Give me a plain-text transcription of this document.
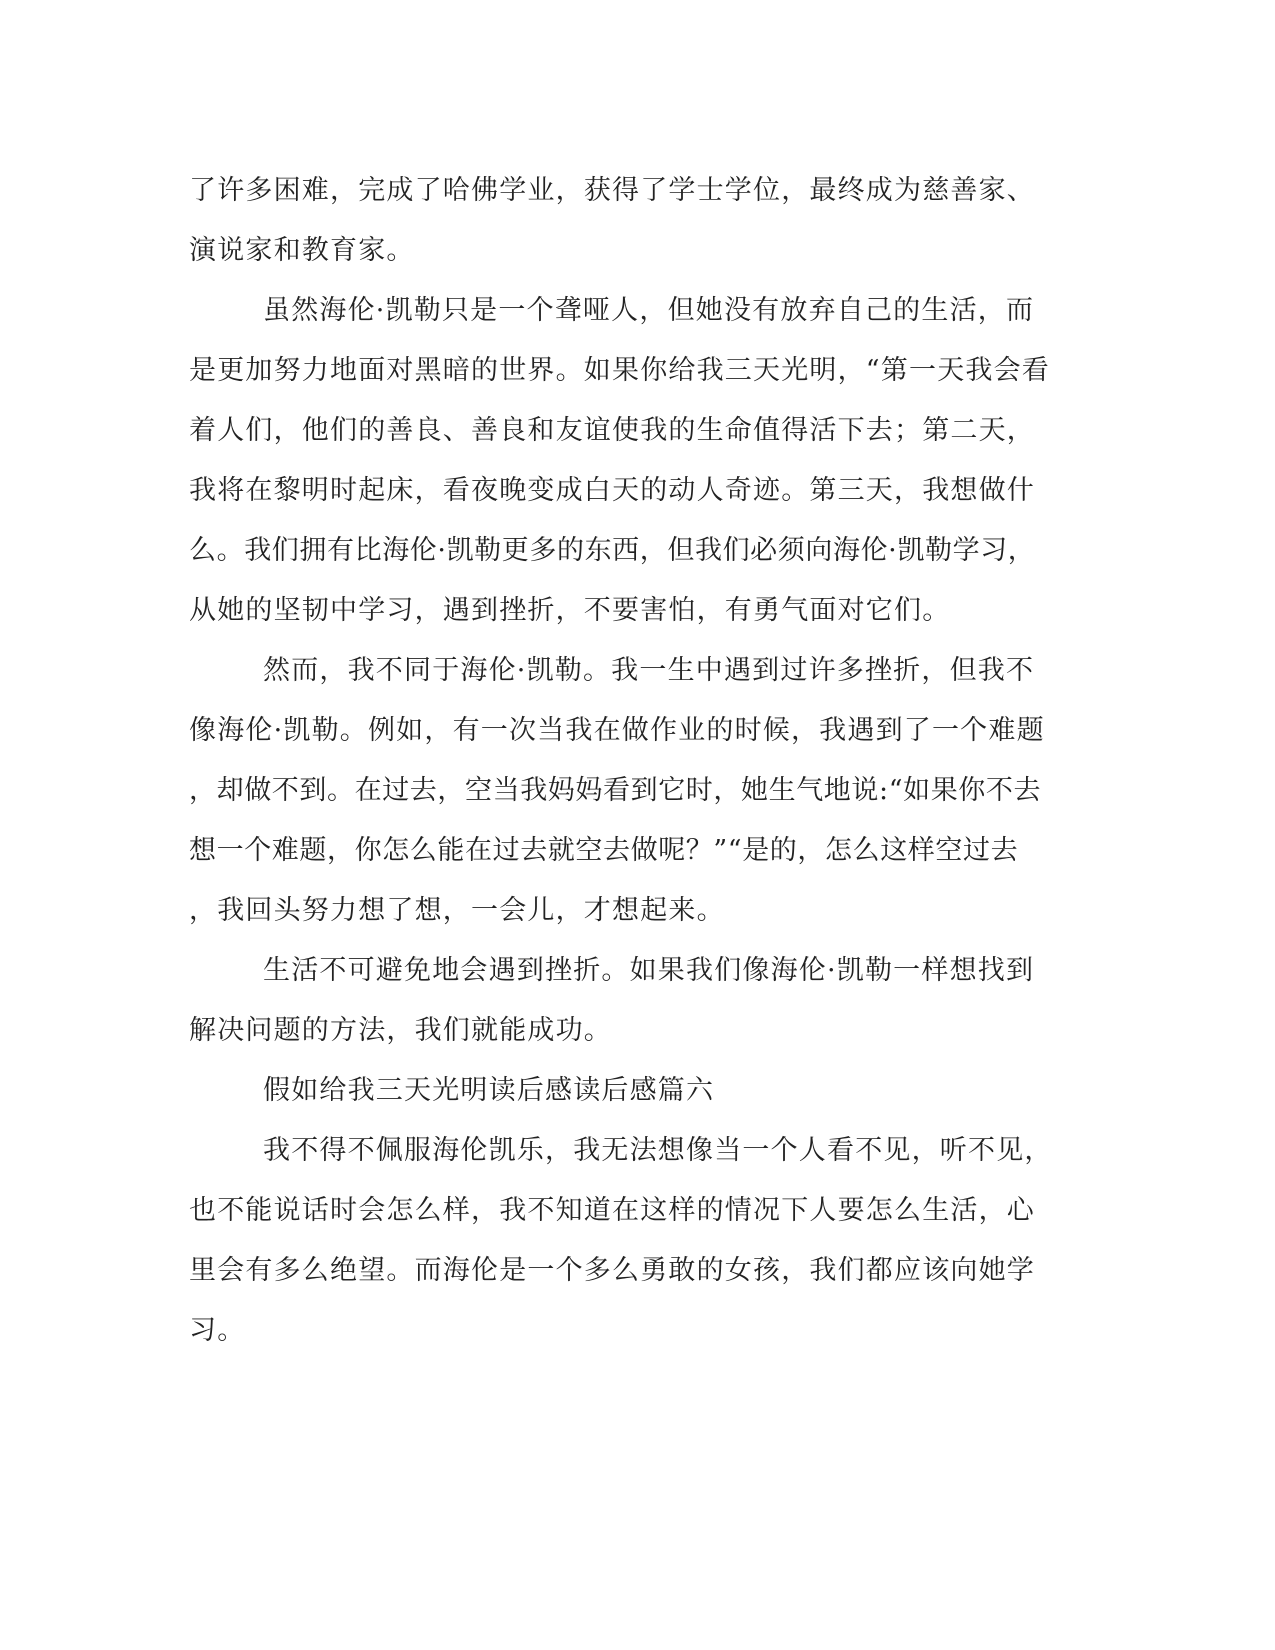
了许多困难，完成了哈佛学业，获得了学士学位，最终成为慈善家、
演说家和教育家。
虽然海伦·凯勒只是一个聋哑人，但她没有放弃自己的生活，而
是更加努力地面对黑暗的世界。如果你给我三天光明，“第一天我会看
着人们，他们的善良、善良和友谊使我的生命值得活下去；第二天，
我将在黎明时起床，看夜晚变成白天的动人奇迹。第三天，我想做什
么。我们拥有比海伦·凯勒更多的东西，但我们必须向海伦·凯勒学习，
从她的坚韧中学习，遇到挫折，不要害怕，有勇气面对它们。
然而，我不同于海伦·凯勒。我一生中遇到过许多挫折，但我不
像海伦·凯勒。例如，有一次当我在做作业的时候，我遇到了一个难题
，却做不到。在过去，空当我妈妈看到它时，她生气地说:“如果你不去
想一个难题，你怎么能在过去就空去做呢？”“是的，怎么这样空过去
，我回头努力想了想，一会儿，才想起来。
生活不可避免地会遇到挫折。如果我们像海伦·凯勒一样想找到
解决问题的方法，我们就能成功。
假如给我三天光明读后感读后感篇六
我不得不佩服海伦凯乐，我无法想像当一个人看不见，听不见，
也不能说话时会怎么样，我不知道在这样的情况下人要怎么生活，心
里会有多么绝望。而海伦是一个多么勇敢的女孩，我们都应该向她学
习。
